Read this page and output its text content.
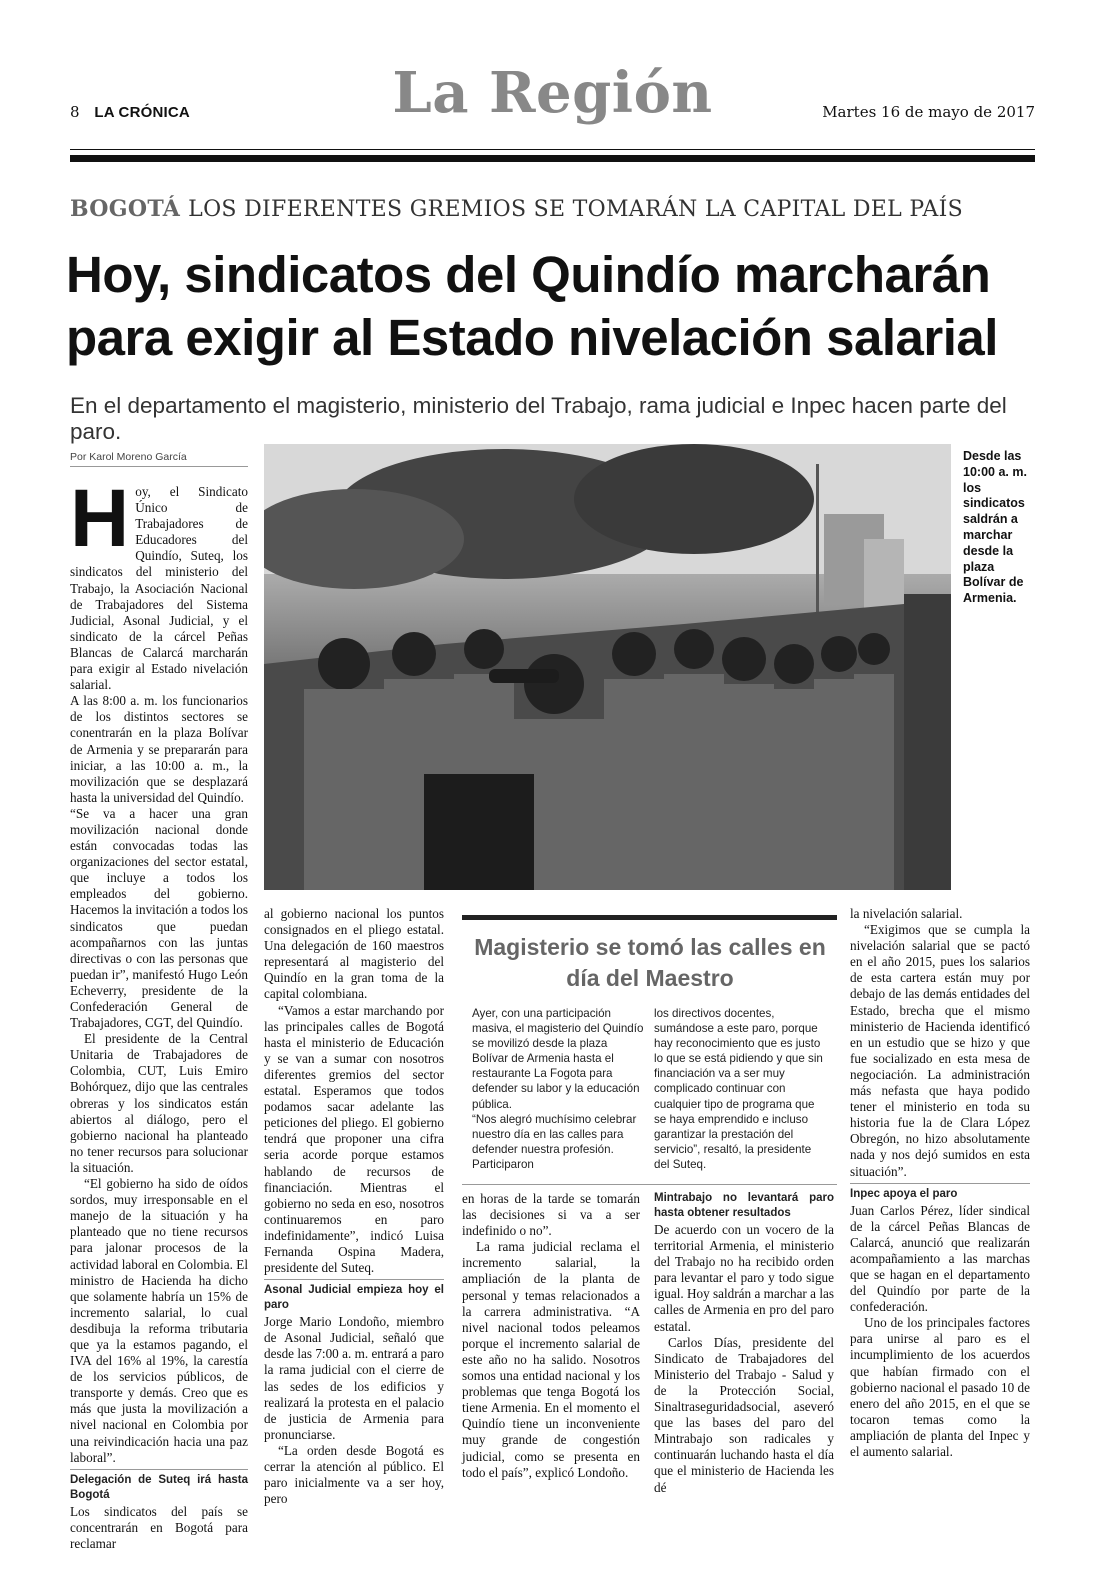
8 LA CRÓNICA	La Región	Martes 16 de mayo de 2017
BOGOTÁ LOS DIFERENTES GREMIOS SE TOMARÁN LA CAPITAL DEL PAÍS
Hoy, sindicatos del Quindío marcharán
para exigir al Estado nivelación salarial
En el departamento el magisterio, ministerio del Trabajo, rama judicial e Inpec hacen parte del paro.
Por Karol Moreno García
H oy, el Sindicato Único de Trabajadores de Educadores del Quindío, Suteq, los sindicatos del ministerio del Trabajo, la Asociación Nacional de Trabajadores del Sistema Judicial, Asonal Judicial, y el sindicato de la cárcel Peñas Blancas de Calarcá marcharán para exigir al Estado nivelación salarial.

A las 8:00 a. m. los funcionarios de los distintos sectores se conentrarán en la plaza Bolívar de Armenia y se prepararán para iniciar, a las 10:00 a. m., la movilización que se desplazará hasta la universidad del Quindío.

“Se va a hacer una gran movilización nacional donde están convocadas todas las organizaciones del sector estatal, que incluye a todos los empleados del gobierno. Hacemos la invitación a todos los sindicatos que puedan acompañarnos con las juntas directivas o con las personas que puedan ir”, manifestó Hugo León Echeverry, presidente de la Confederación General de Trabajadores, CGT, del Quindío.

El presidente de la Central Unitaria de Trabajadores de Colombia, CUT, Luis Emiro Bohórquez, dijo que las centrales obreras y los sindicatos están abiertos al diálogo, pero el gobierno nacional ha planteado no tener recursos para solucionar la situación.

“El gobierno ha sido de oídos sordos, muy irresponsable en el manejo de la situación y ha planteado que no tiene recursos para jalonar procesos de la actividad laboral en Colombia. El ministro de Hacienda ha dicho que solamente habría un 15% de incremento salarial, lo cual desdibuja la reforma tributaria que ya la estamos pagando, el IVA del 16% al 19%, la carestía de los servicios públicos, de transporte y demás. Creo que es más que justa la movilización a nivel nacional en Colombia por una reivindicación hacia una paz laboral”.

Delegación de Suteq irá hasta Bogotá

Los sindicatos del país se concentrarán en Bogotá para reclamar

Desde las 10:00 a. m. los sindicatos saldrán a marchar desde la plaza Bolívar de Armenia.

al gobierno nacional los puntos consignados en el pliego estatal. Una delegación de 160 maestros representará al magisterio del Quindío en la gran toma de la capital colombiana.

“Vamos a estar marchando por las principales calles de Bogotá hasta el ministerio de Educación y se van a sumar con nosotros diferentes gremios del sector estatal. Esperamos que todos podamos sacar adelante las peticiones del pliego. El gobierno tendrá que proponer una cifra seria acorde porque estamos hablando de recursos de financiación. Mientras el gobierno no seda en eso, nosotros continuaremos en paro indefinidamente”, indicó Luisa Fernanda Ospina Madera, presidente del Suteq.

Asonal Judicial empieza hoy el paro

Jorge Mario Londoño, miembro de Asonal Judicial, señaló que desde las 7:00 a. m. entrará a paro la rama judicial con el cierre de las sedes de los edificios y realizará la protesta en el palacio de justicia de Armenia para pronunciarse.

“La orden desde Bogotá es cerrar la atención al público. El paro inicialmente va a ser hoy, pero

Magisterio se tomó las calles en día del Maestro

Ayer, con una participación masiva, el magisterio del Quindío se movilizó desde la plaza Bolívar de Armenia hasta el restaurante La Fogota para defender su labor y la educación pública.

“Nos alegró muchísimo celebrar nuestro día en las calles para defender nuestra profesión. Participaron

los directivos docentes, sumándose a este paro, porque hay reconocimiento que es justo lo que se está pidiendo y que sin financiación va a ser muy complicado continuar con cualquier tipo de programa que se haya emprendido e incluso garantizar la prestación del servicio”, resaltó, la presidente del Suteq.

en horas de la tarde se tomarán las decisiones si va a ser indefinido o no”.

La rama judicial reclama el incremento salarial, la ampliación de la planta de personal y temas relacionados a la carrera administrativa. “A nivel nacional todos peleamos porque el incremento salarial de este año no ha salido. Nosotros somos una entidad nacional y los problemas que tenga Bogotá los tiene Armenia. En el momento el Quindío tiene un inconveniente muy grande de congestión judicial, como se presenta en todo el país”, explicó Londoño.

Mintrabajo no levantará paro hasta obtener resultados

De acuerdo con un vocero de la territorial Armenia, el ministerio del Trabajo no ha recibido orden para levantar el paro y todo sigue igual. Hoy saldrán a marchar a las calles de Armenia en pro del paro estatal.

Carlos Días, presidente del Sindicato de Trabajadores del Ministerio del Trabajo - Salud y de la Protección Social, Sinaltraseguridadsocial, aseveró que las bases del paro del Mintrabajo son radicales y continuarán luchando hasta el día que el ministerio de Hacienda les dé

la nivelación salarial.

“Exigimos que se cumpla la nivelación salarial que se pactó en el año 2015, pues los salarios de esta cartera están muy por debajo de las demás entidades del Estado, brecha que el mismo ministerio de Hacienda identificó en un estudio que se hizo y que fue socializado en esta mesa de negociación. La administración más nefasta que haya podido tener el ministerio en toda su historia fue la de Clara López Obregón, no hizo absolutamente nada y nos dejó sumidos en esta situación”.

Inpec apoya el paro

Juan Carlos Pérez, líder sindical de la cárcel Peñas Blancas de Calarcá, anunció que realizarán acompañamiento a las marchas que se hagan en el departamento del Quindío por parte de la confederación.

Uno de los principales factores para unirse al paro es el incumplimiento de los acuerdos que habían firmado con el gobierno nacional el pasado 10 de enero del año 2015, en el que se tocaron temas como la ampliación de planta del Inpec y el aumento salarial.
